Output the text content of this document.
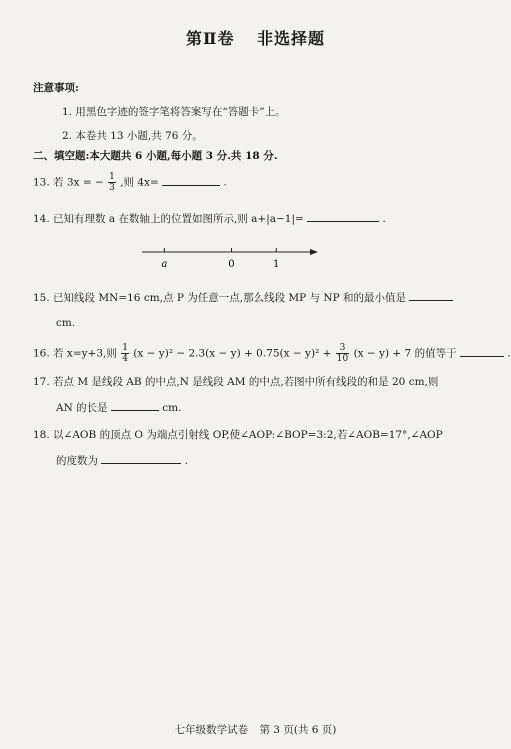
第Ⅱ卷 非选择题
注意事项:
1. 用黑色字迹的签字笔将答案写在“答题卡”上。
2. 本卷共 13 小题,共 76 分。
二、填空题:本大题共 6 小题,每小题 3 分.共 18 分.
13. 若 3x = − $\frac{1}{3}$ ,则 4x=	.
14. 已知有理数 a 在数轴上的位置如图所示,则 a+|a−1|=	.
a	0	1
15. 已知线段 MN=16 cm,点 P 为任意一点,那么线段 MP 与 NP 和的最小值是
cm.
16. 若 x=y+3,则 $\frac{1}{4} (x - y)^2 - 2.3(x - y) + 0.75(x - y)^2 + \frac{3}{10} (x - y) + 7$ 的值等于	.
17. 若点 M 是线段 AB 的中点,N 是线段 AM 的中点,若图中所有线段的和是 20 cm,则
AN 的长是	cm.
18. 以∠AOB 的顶点 O 为端点引射线 OP,使∠AOP:∠BOP=3:2,若∠AOB=17°,∠AOP
的度数为	.
七年级数学试卷 第 3 页(共 6 页)
